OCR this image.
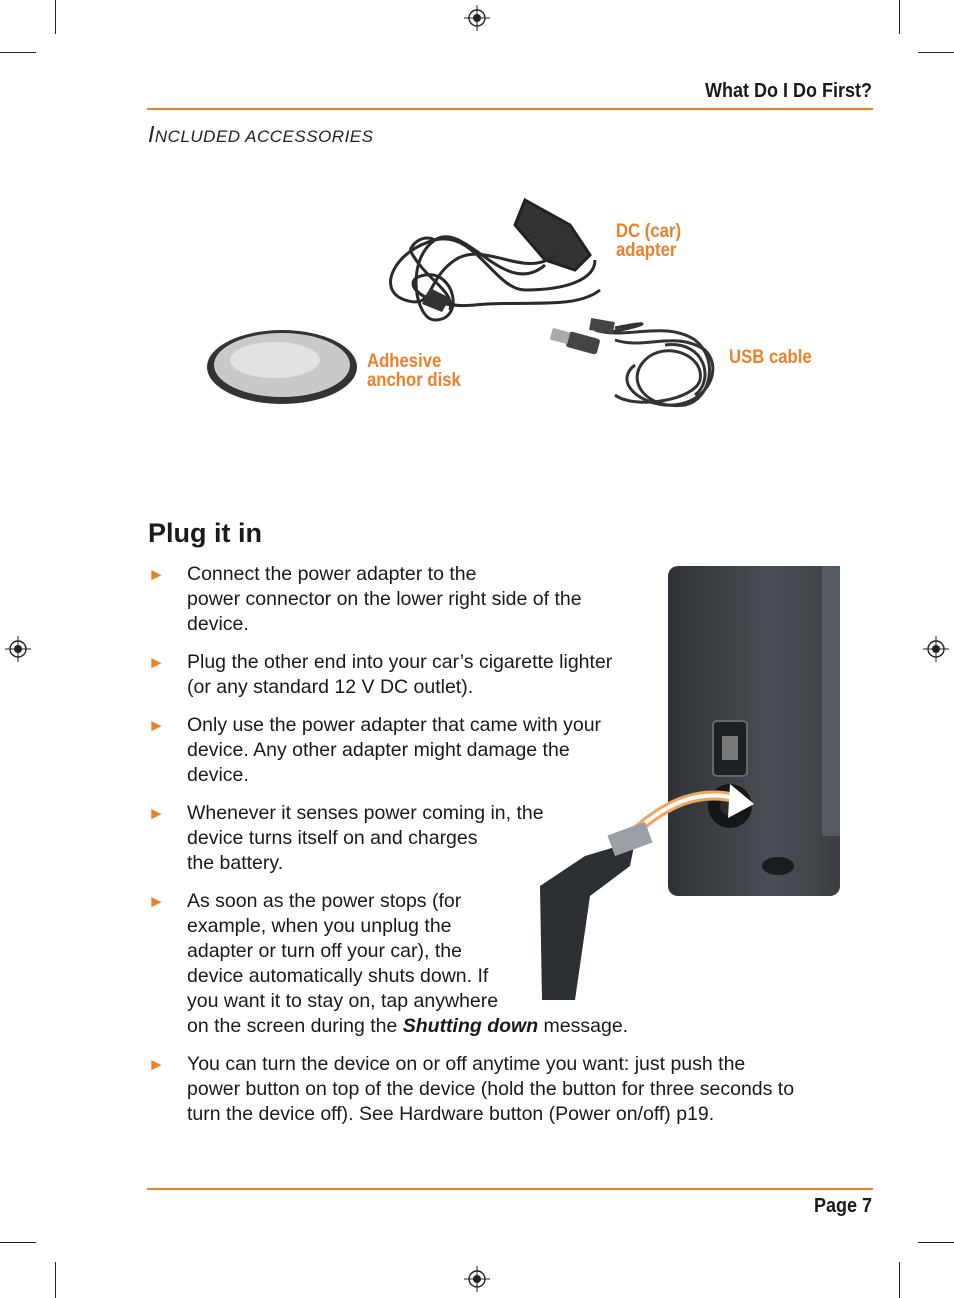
What Do I Do First?
INCLUDED ACCESSORIES
DC (car)
adapter
USB cable
Adhesive
anchor disk
Plug it in
► Connect the power adapter to the
power connector on the lower right side of the
device.
► Plug the other end into your car’s cigarette lighter
(or any standard 12 V DC outlet).
► Only use the power adapter that came with your
device. Any other adapter might damage the
device.
► Whenever it senses power coming in, the
device turns itself on and charges
the battery.
► As soon as the power stops (for
example, when you unplug the
adapter or turn off your car), the
device automatically shuts down. If
you want it to stay on, tap anywhere
on the screen during the Shutting down message.
► You can turn the device on or off anytime you want: just push the
power button on top of the device (hold the button for three seconds to
turn the device off). See Hardware button (Power on/off) p19.
Page 7
